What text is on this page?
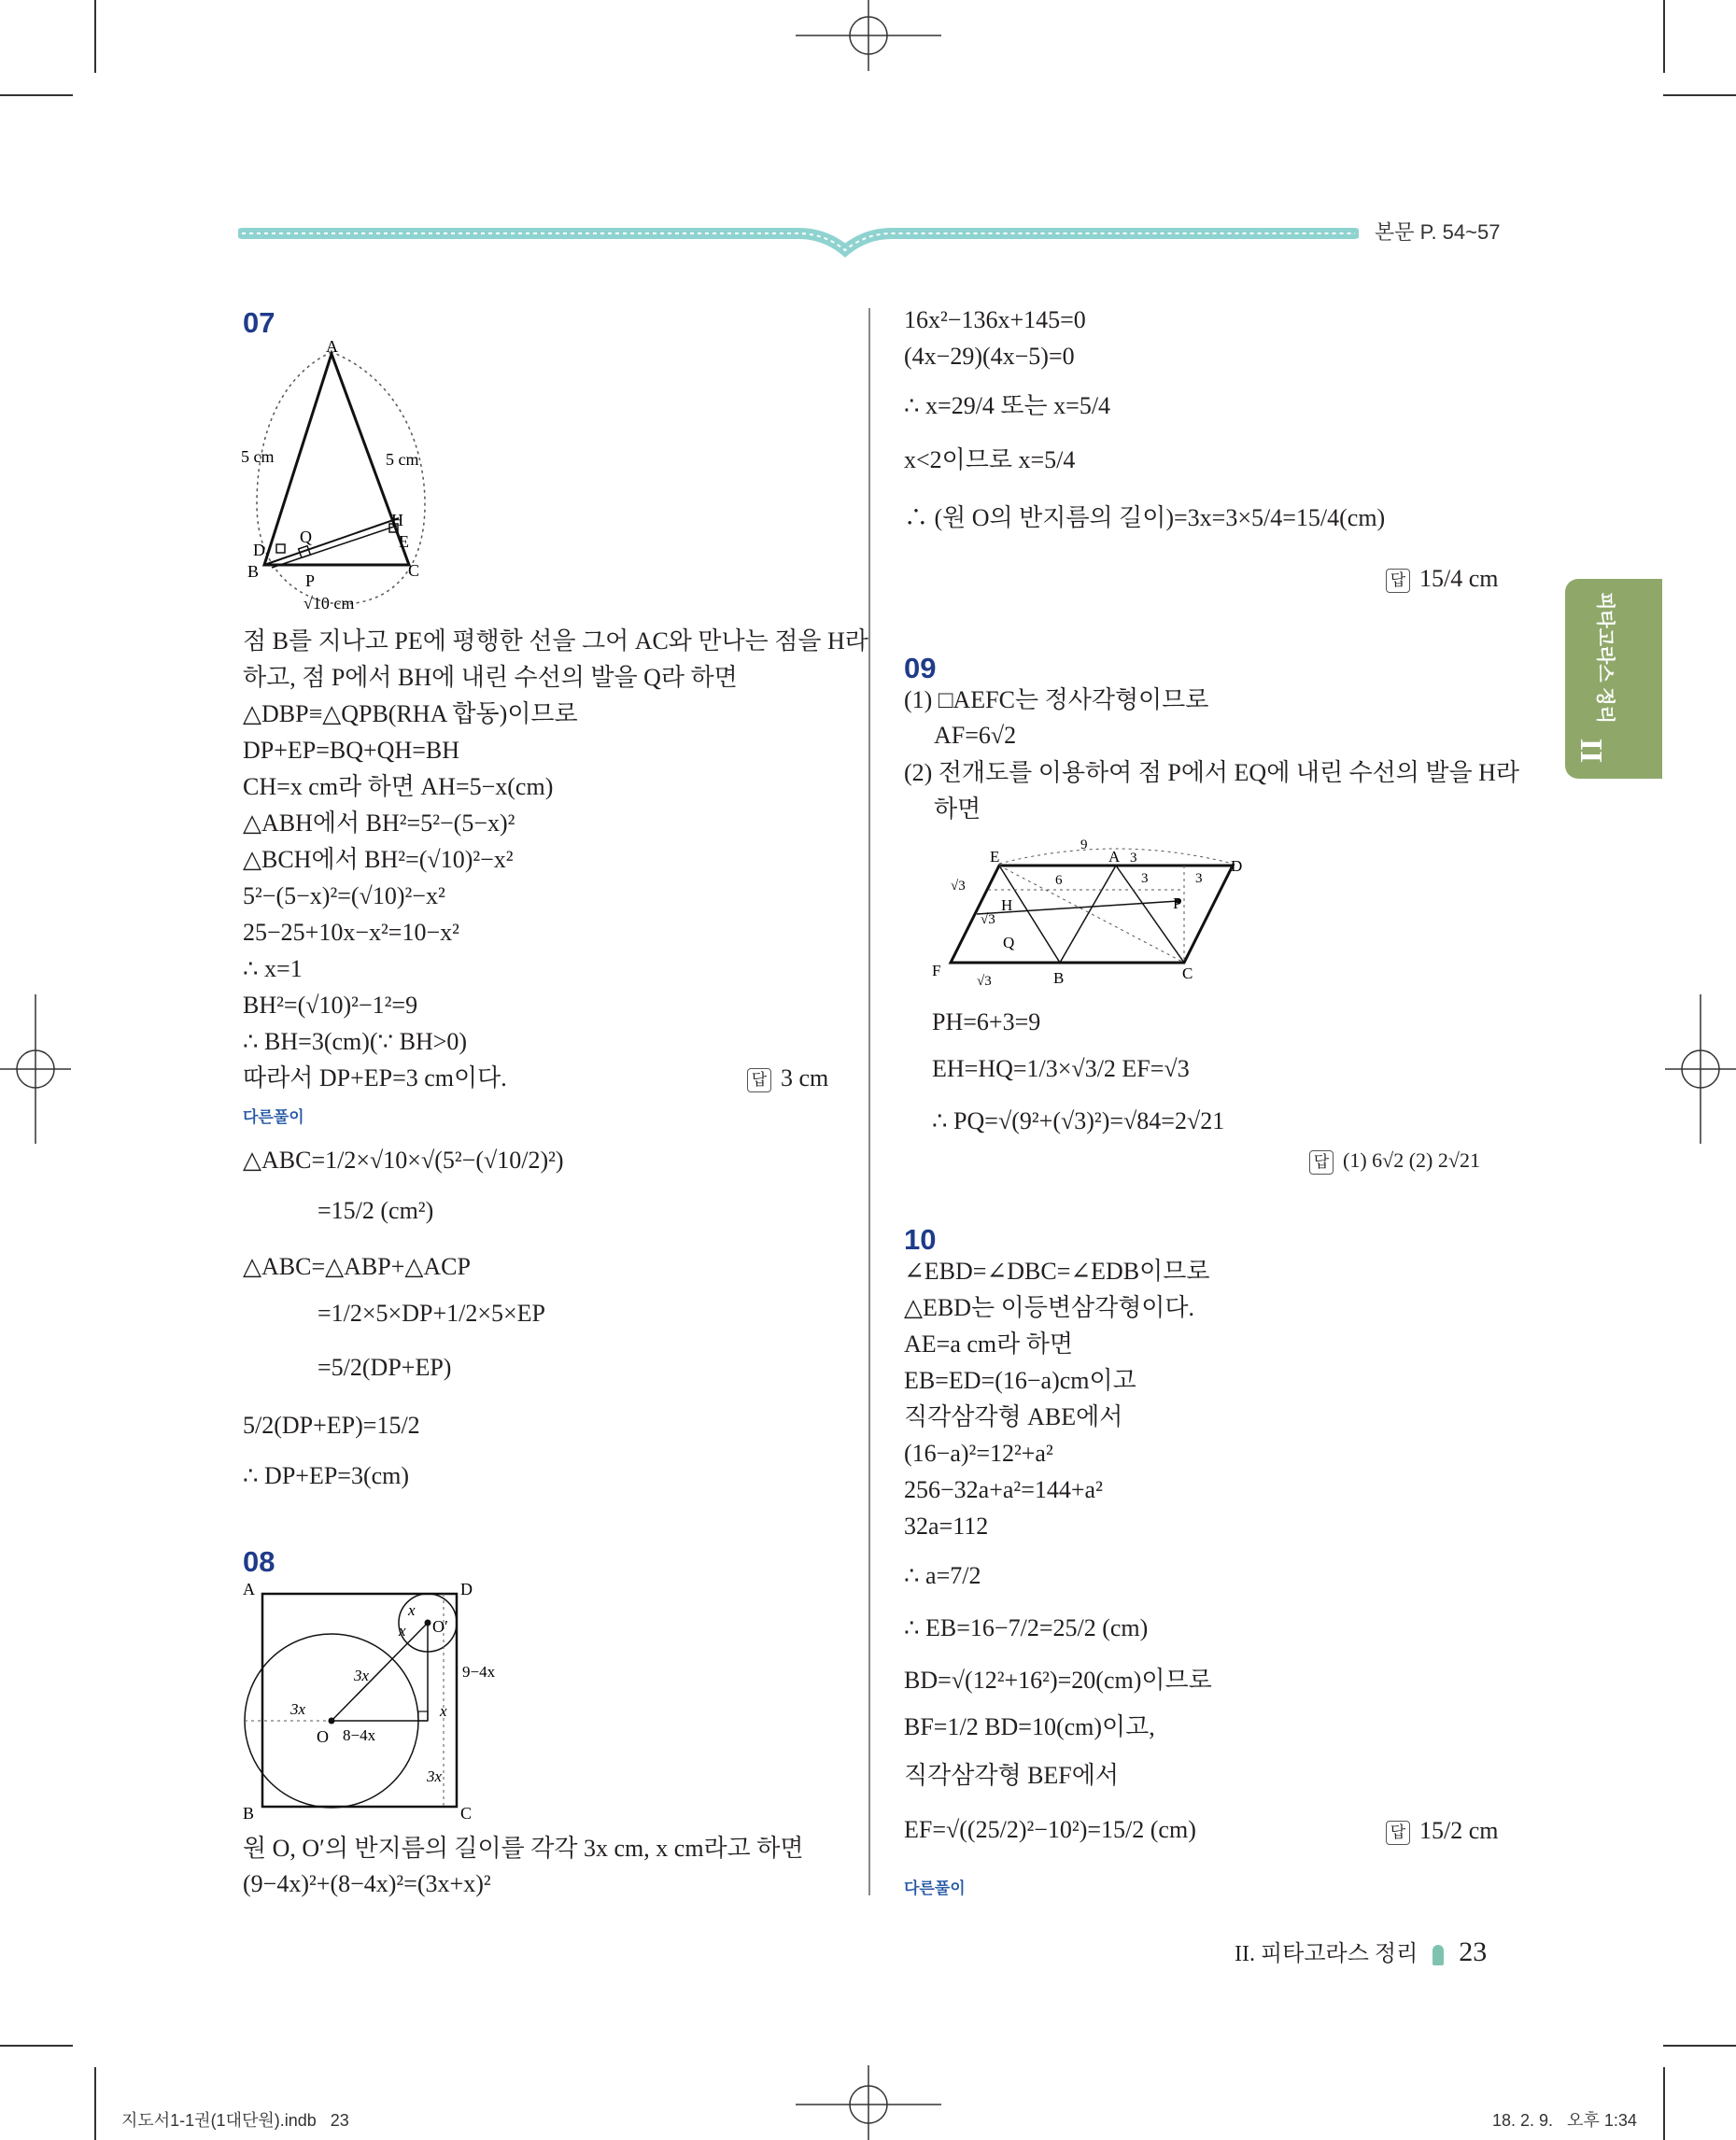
본문 P. 54~57
피타고라스 정리
II
07
A
5 cm	5 cm
H
Q	E
D
B	C
P
√10 cm
점 B를 지나고 PE에 평행한 선을 그어 AC와 만나는 점을 H라
하고, 점 P에서 BH에 내린 수선의 발을 Q라 하면
△DBP≡△QPB(RHA 합동)이므로
DP+EP=BQ+QH=BH
CH=x cm라 하면 AH=5−x(cm)
△ABH에서 BH²=5²−(5−x)²
△BCH에서 BH²=(√10)²−x²
5²−(5−x)²=(√10)²−x²
25−25+10x−x²=10−x²
∴ x=1
BH²=(√10)²−1²=9
∴ BH=3(cm)(∵ BH>0)
따라서 DP+EP=3 cm이다.	답 3 cm
다른풀이
△ABC=1/2×√10×√(5²−(√10/2)²)
=15/2 (cm²)
△ABC=△ABP+△ACP
=1/2×5×DP+1/2×5×EP
=5/2(DP+EP)
5/2(DP+EP)=15/2
∴ DP+EP=3(cm)
08
A	D
B	C
O
O′
x
x
x
3x
3x
3x
9−4x
8−4x
원 O, O′의 반지름의 길이를 각각 3x cm, x cm라고 하면
(9−4x)²+(8−4x)²=(3x+x)²
16x²−136x+145=0
(4x−29)(4x−5)=0
∴ x=29/4 또는 x=5/4
x<2이므로 x=5/4
∴ (원 O의 반지름의 길이)=3x=3×5/4=15/4(cm)
답 15/4 cm
09
(1) □AEFC는 정사각형이므로
AF=6√2
(2) 전개도를 이용하여 점 P에서 EQ에 내린 수선의 발을 H라
하면
E	A
D
F	B	C
P
H
Q
9
6	3	3
3
√3
√3
√3
PH=6+3=9
EH=HQ=1/3×√3/2 EF=√3
∴ PQ=√(9²+(√3)²)=√84=2√21
답 (1) 6√2 (2) 2√21
10
∠EBD=∠DBC=∠EDB이므로
△EBD는 이등변삼각형이다.
AE=a cm라 하면
EB=ED=(16−a)cm이고
직각삼각형 ABE에서
(16−a)²=12²+a²
256−32a+a²=144+a²
32a=112
∴ a=7/2
∴ EB=16−7/2=25/2 (cm)
BD=√(12²+16²)=20(cm)이므로
BF=1/2 BD=10(cm)이고,
직각삼각형 BEF에서
EF=√((25/2)²−10²)=15/2 (cm)	답 15/2 cm
다른풀이
II. 피타고라스 정리 23
지도서1-1권(1대단원).indb   23	18. 2. 9.   오후 1:34
